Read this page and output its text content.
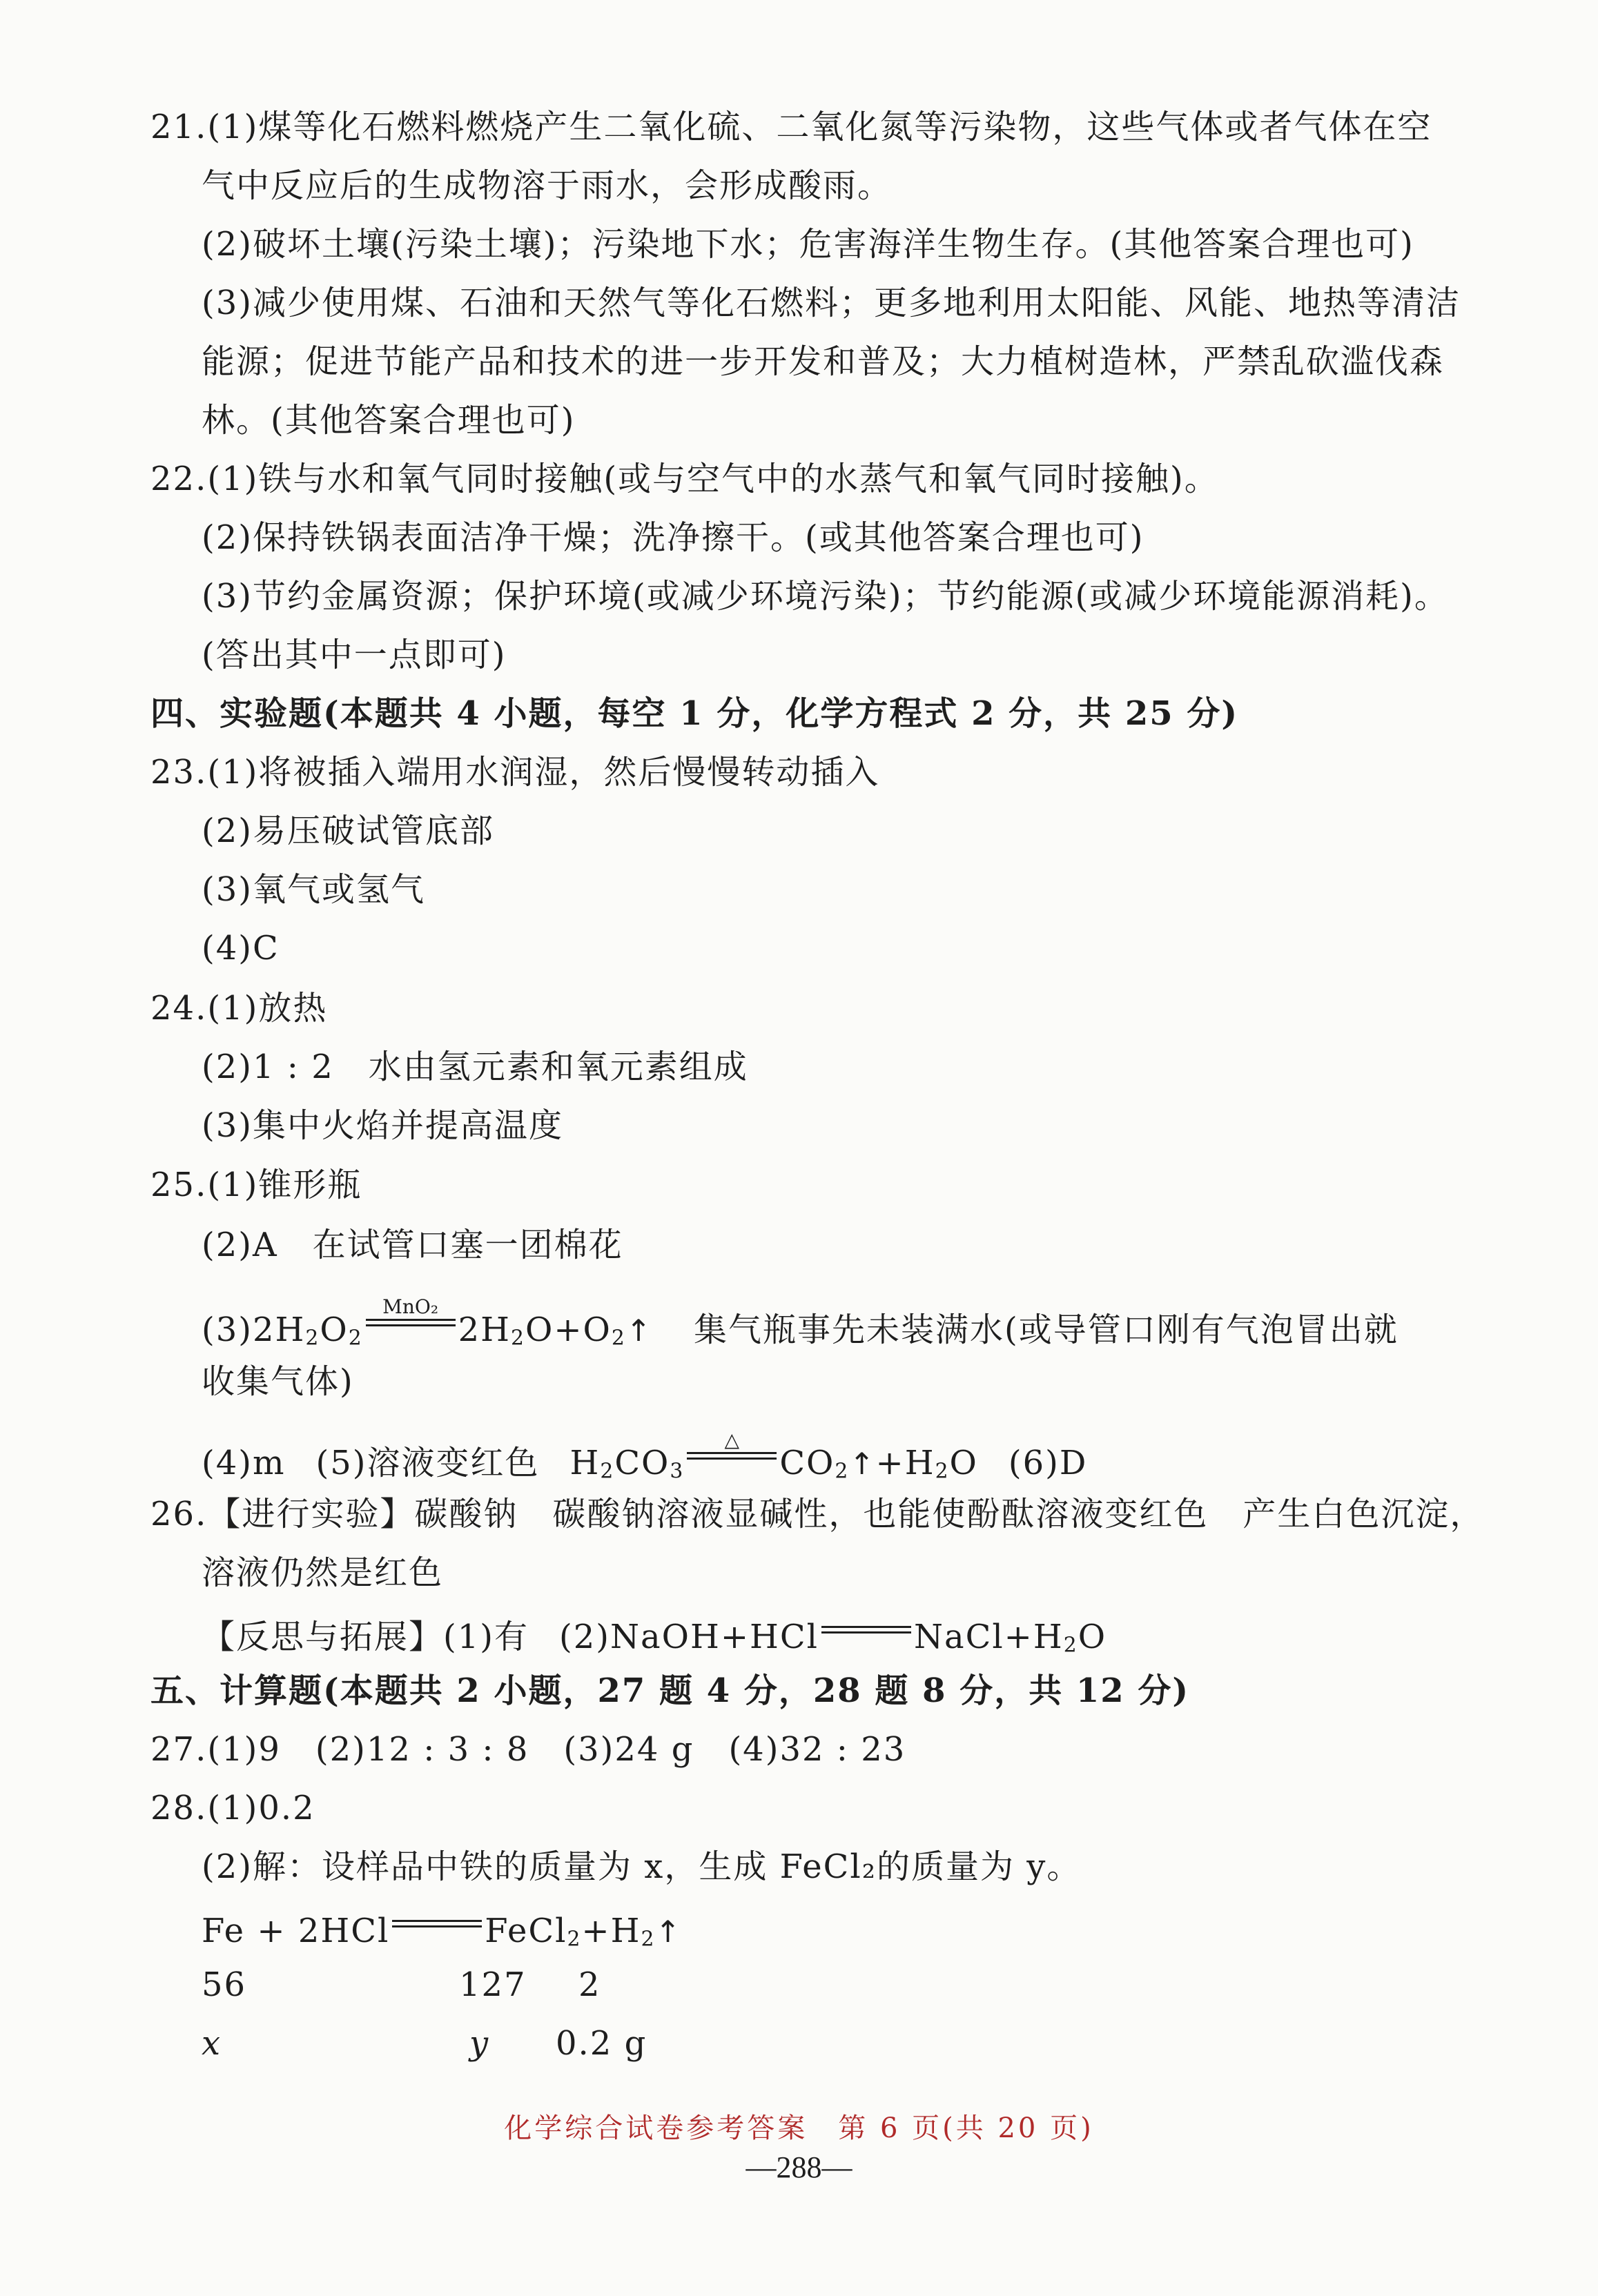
21.(1)煤等化石燃料燃烧产生二氧化硫、二氧化氮等污染物，这些气体或者气体在空
气中反应后的生成物溶于雨水，会形成酸雨。
(2)破坏土壤(污染土壤)；污染地下水；危害海洋生物生存。(其他答案合理也可)
(3)减少使用煤、石油和天然气等化石燃料；更多地利用太阳能、风能、地热等清洁
能源；促进节能产品和技术的进一步开发和普及；大力植树造林，严禁乱砍滥伐森
林。(其他答案合理也可)
22.(1)铁与水和氧气同时接触(或与空气中的水蒸气和氧气同时接触)。
(2)保持铁锅表面洁净干燥；洗净擦干。(或其他答案合理也可)
(3)节约金属资源；保护环境(或减少环境污染)；节约能源(或减少环境能源消耗)。
(答出其中一点即可)
四、实验题(本题共 4 小题，每空 1 分，化学方程式 2 分，共 25 分)
23.(1)将被插入端用水润湿，然后慢慢转动插入
(2)易压破试管底部
(3)氧气或氢气
(4)C
24.(1)放热
(2)1 : 2　水由氢元素和氧元素组成
(3)集中火焰并提高温度
25.(1)锥形瓶
(2)A　在试管口塞一团棉花
$(3)2H_2O_2$
MnO₂
$2H_2O+O_2↑$ 集气瓶事先未装满水(或导管口刚有气泡冒出就
收集气体)
(4)m (5)溶液变红色 $H_2CO_3$
△
$CO_2↑+H_2O$ (6)D
26.【进行实验】碳酸钠　碳酸钠溶液显碱性，也能使酚酞溶液变红色　产生白色沉淀，
溶液仍然是红色
【反思与拓展】(1)有 (2)NaOH+HCl	$NaCl+H_2O$
五、计算题(本题共 2 小题，27 题 4 分，28 题 8 分，共 12 分)
27.(1)9　(2)12 : 3 : 8　(3)24 g　(4)32 : 23
28.(1)0.2
(2)解：设样品中铁的质量为 x，生成 FeCl₂的质量为 y。
Fe + 2HCl	$FeCl_2+H_2↑$
56	127 2
x	y 0.2 g
化学综合试卷参考答案　第 6 页(共 20 页)
—288—
